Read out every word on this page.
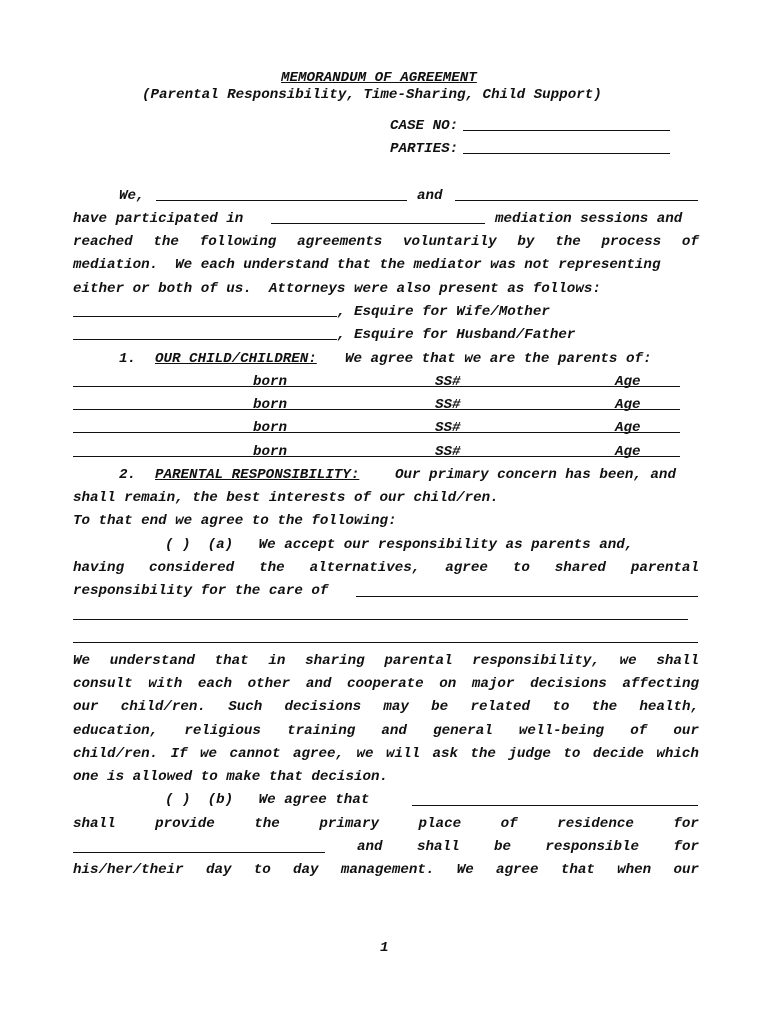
MEMORANDUM OF AGREEMENT
(Parental Responsibility, Time-Sharing, Child Support)
CASE NO:
PARTIES:
We,	and
have participated in	mediation sessions and
reached the following agreements voluntarily by the process of
mediation.  We each understand that the mediator was not representing
either or both of us.  Attorneys were also present as follows:
, Esquire for Wife/Mother
, Esquire for Husband/Father
1. OUR CHILD/CHILDREN: We agree that we are the parents of:
born	SS#	Age
born	SS#	Age
born	SS#	Age
born	SS#	Age
2. PARENTAL RESPONSIBILITY:	Our primary concern has been, and
shall remain, the best interests of our child/ren.
To that end we agree to the following:
( )  (a)   We accept our responsibility as parents and,
having considered the alternatives, agree to shared parental
responsibility for the care of
We understand that in sharing parental responsibility, we shall
consult with each other and cooperate on major decisions affecting
our child/ren. Such decisions may be related to the health,
education, religious training and general well-being of our
child/ren. If we cannot agree, we will ask the judge to decide which
one is allowed to make that decision.
( )  (b)   We agree that
shall	provide	the	primary	place	of	residence	for
and shall be responsible for
his/her/their day to day management. We agree that when our
1
